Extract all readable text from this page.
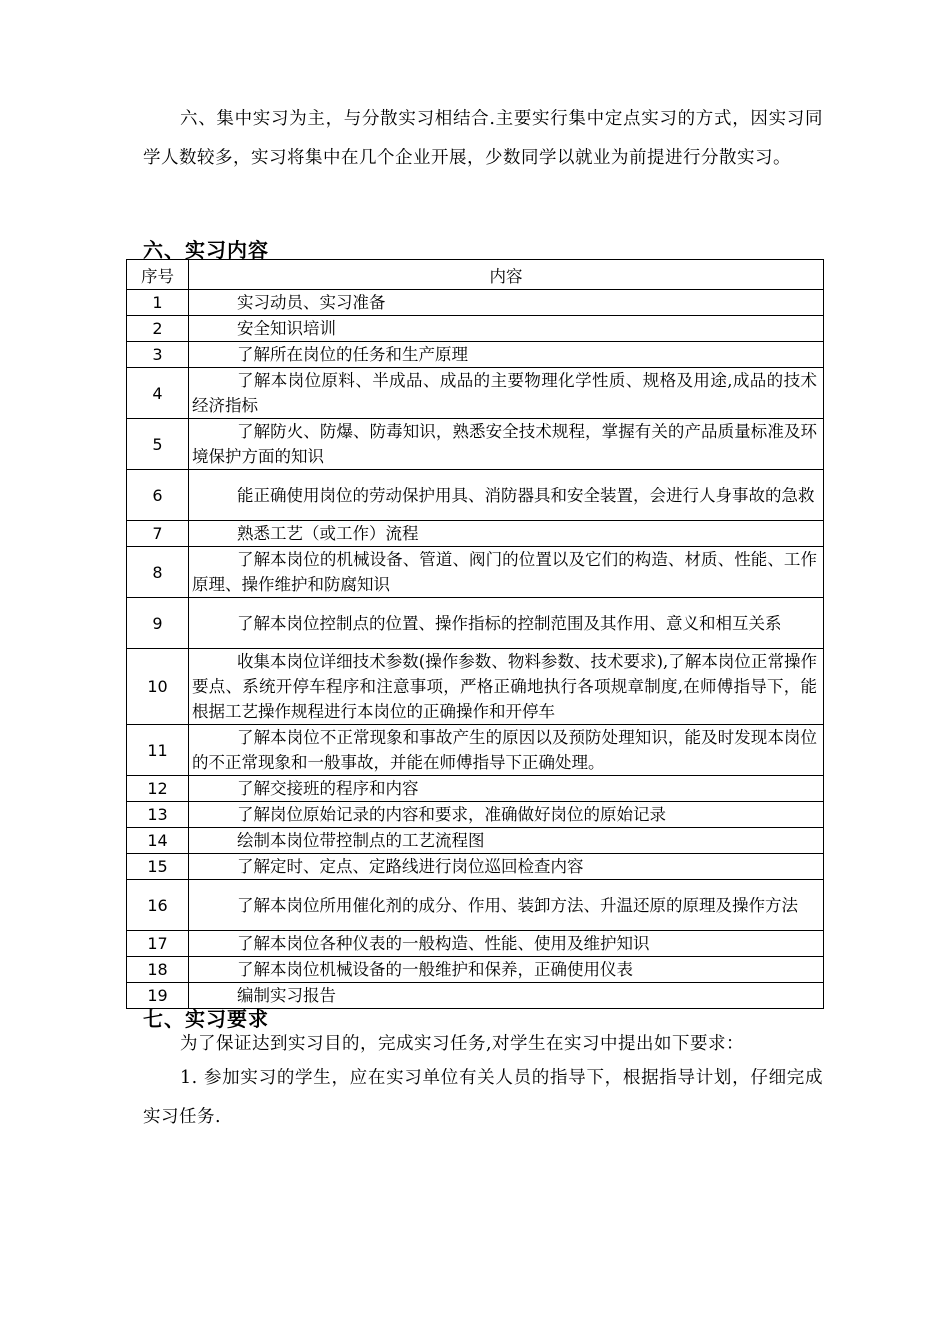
六、集中实习为主，与分散实习相结合.主要实行集中定点实习的方式，因实习同学人数较多，实习将集中在几个企业开展，少数同学以就业为前提进行分散实习。

六、实习内容
序号	内容
1	实习动员、实习准备
2	安全知识培训
3	了解所在岗位的任务和生产原理
4	了解本岗位原料、半成品、成品的主要物理化学性质、规格及用途,成品的技术经济指标
5	了解防火、防爆、防毒知识，熟悉安全技术规程，掌握有关的产品质量标准及环境保护方面的知识
6	能正确使用岗位的劳动保护用具、消防器具和安全装置，会进行人身事故的急救
7	熟悉工艺（或工作）流程
8	了解本岗位的机械设备、管道、阀门的位置以及它们的构造、材质、性能、工作原理、操作维护和防腐知识
9	了解本岗位控制点的位置、操作指标的控制范围及其作用、意义和相互关系
10	收集本岗位详细技术参数(操作参数、物料参数、技术要求),了解本岗位正常操作要点、系统开停车程序和注意事项，严格正确地执行各项规章制度,在师傅指导下，能根据工艺操作规程进行本岗位的正确操作和开停车
11	了解本岗位不正常现象和事故产生的原因以及预防处理知识，能及时发现本岗位的不正常现象和一般事故，并能在师傅指导下正确处理。
12	了解交接班的程序和内容
13	了解岗位原始记录的内容和要求，准确做好岗位的原始记录
14	绘制本岗位带控制点的工艺流程图
15	了解定时、定点、定路线进行岗位巡回检查内容
16	了解本岗位所用催化剂的成分、作用、装卸方法、升温还原的原理及操作方法
17	了解本岗位各种仪表的一般构造、性能、使用及维护知识
18	了解本岗位机械设备的一般维护和保养，正确使用仪表
19	编制实习报告
七、实习要求

为了保证达到实习目的，完成实习任务,对学生在实习中提出如下要求：

1. 参加实习的学生，应在实习单位有关人员的指导下，根据指导计划，仔细完成实习任务.
